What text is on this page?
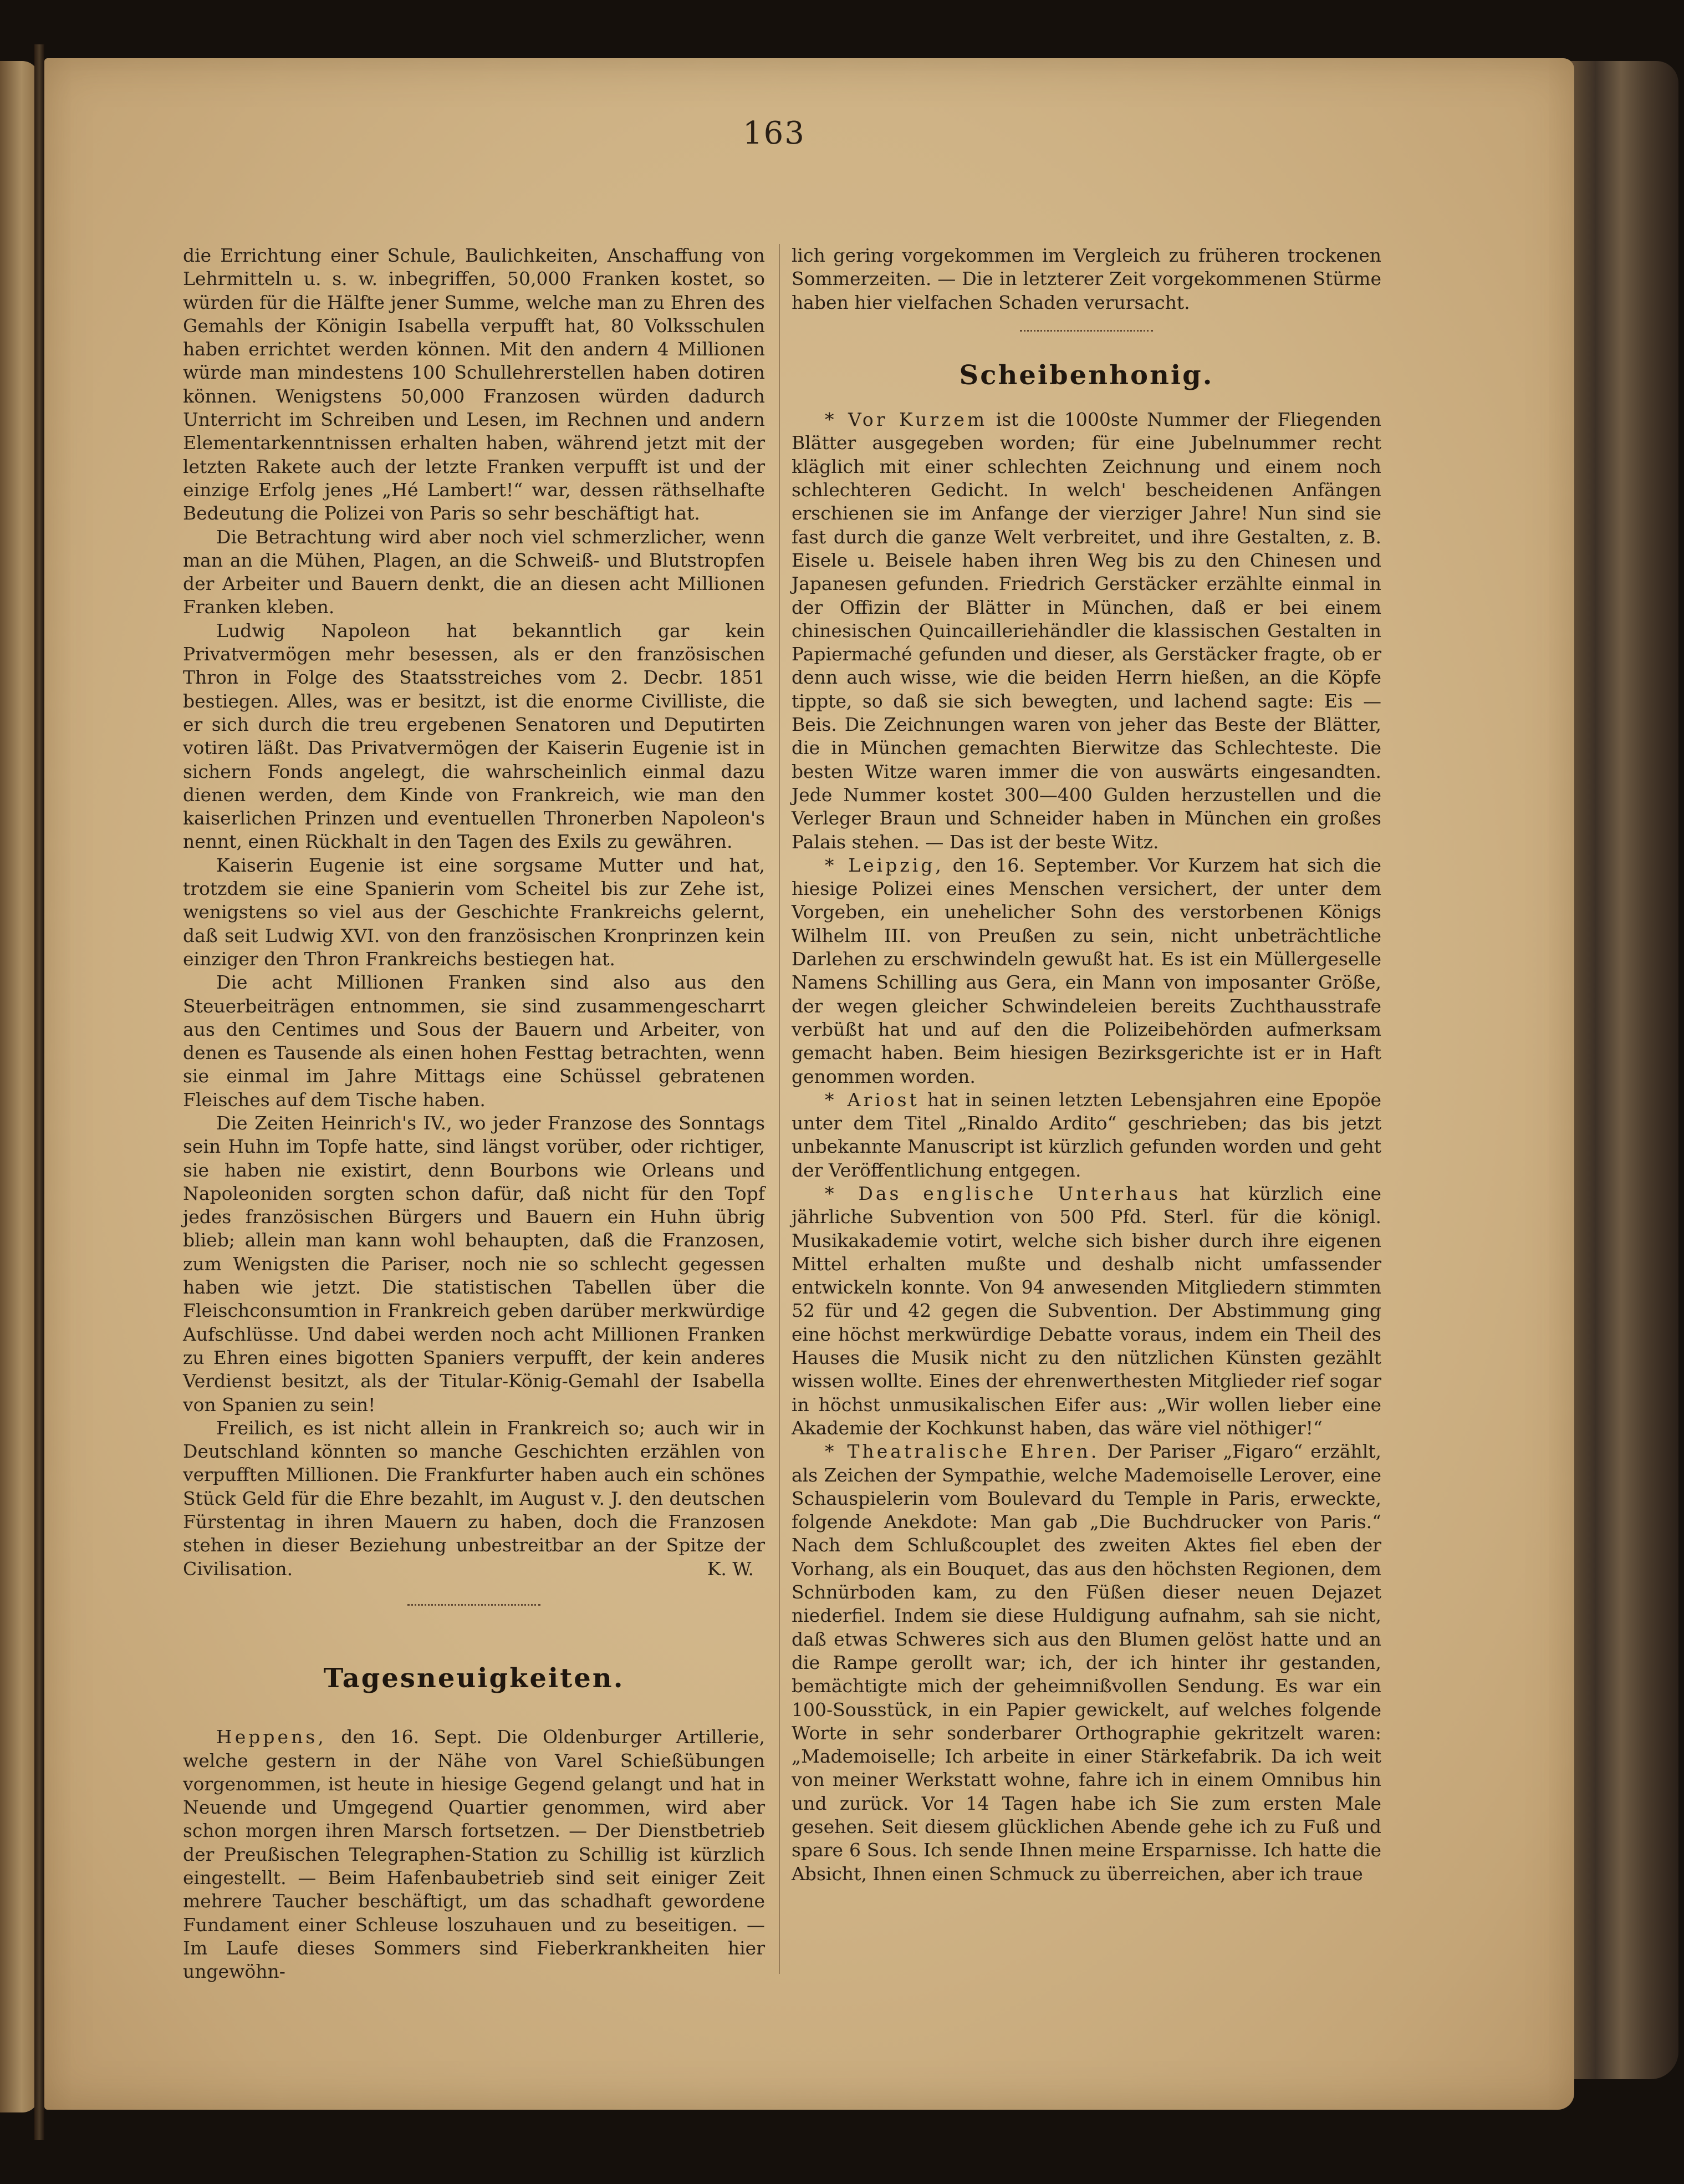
163

die Errichtung einer Schule, Baulichkeiten, Anschaffung von Lehrmitteln u. s. w. inbegriffen, 50,000 Franken kostet, so würden für die Hälfte jener Summe, welche man zu Ehren des Gemahls der Königin Isabella verpufft hat, 80 Volksschulen haben errichtet werden können. Mit den andern 4 Millionen würde man mindestens 100 Schullehrerstellen haben dotiren können. Wenigstens 50,000 Franzosen würden dadurch Unterricht im Schreiben und Lesen, im Rechnen und andern Elementarkenntnissen erhalten haben, während jetzt mit der letzten Rakete auch der letzte Franken verpufft ist und der einzige Erfolg jenes „Hé Lambert!“ war, dessen räthselhafte Bedeutung die Polizei von Paris so sehr beschäftigt hat.

Die Betrachtung wird aber noch viel schmerzlicher, wenn man an die Mühen, Plagen, an die Schweiß- und Blutstropfen der Arbeiter und Bauern denkt, die an diesen acht Millionen Franken kleben.

Ludwig Napoleon hat bekanntlich gar kein Privatvermögen mehr besessen, als er den französischen Thron in Folge des Staatsstreiches vom 2. Decbr. 1851 bestiegen. Alles, was er besitzt, ist die enorme Civilliste, die er sich durch die treu ergebenen Senatoren und Deputirten votiren läßt. Das Privatvermögen der Kaiserin Eugenie ist in sichern Fonds angelegt, die wahrscheinlich einmal dazu dienen werden, dem Kinde von Frankreich, wie man den kaiserlichen Prinzen und eventuellen Thronerben Napoleon's nennt, einen Rückhalt in den Tagen des Exils zu gewähren.

Kaiserin Eugenie ist eine sorgsame Mutter und hat, trotzdem sie eine Spanierin vom Scheitel bis zur Zehe ist, wenigstens so viel aus der Geschichte Frankreichs gelernt, daß seit Ludwig XVI. von den französischen Kronprinzen kein einziger den Thron Frankreichs bestiegen hat.

Die acht Millionen Franken sind also aus den Steuerbeiträgen entnommen, sie sind zusammengescharrt aus den Centimes und Sous der Bauern und Arbeiter, von denen es Tausende als einen hohen Festtag betrachten, wenn sie einmal im Jahre Mittags eine Schüssel gebratenen Fleisches auf dem Tische haben.

Die Zeiten Heinrich's IV., wo jeder Franzose des Sonntags sein Huhn im Topfe hatte, sind längst vorüber, oder richtiger, sie haben nie existirt, denn Bourbons wie Orleans und Napoleoniden sorgten schon dafür, daß nicht für den Topf jedes französischen Bürgers und Bauern ein Huhn übrig blieb; allein man kann wohl behaupten, daß die Franzosen, zum Wenigsten die Pariser, noch nie so schlecht gegessen haben wie jetzt. Die statistischen Tabellen über die Fleischconsumtion in Frankreich geben darüber merkwürdige Aufschlüsse. Und dabei werden noch acht Millionen Franken zu Ehren eines bigotten Spaniers verpufft, der kein anderes Verdienst besitzt, als der Titular-König-Gemahl der Isabella von Spanien zu sein!

Freilich, es ist nicht allein in Frankreich so; auch wir in Deutschland könnten so manche Geschichten erzählen von verpufften Millionen. Die Frankfurter haben auch ein schönes Stück Geld für die Ehre bezahlt, im August v. J. den deutschen Fürstentag in ihren Mauern zu haben, doch die Franzosen stehen in dieser Beziehung unbestreitbar an der Spitze der Civilisation.	K. W.

Tagesneuigkeiten.

Heppens, den 16. Sept. Die Oldenburger Artillerie, welche gestern in der Nähe von Varel Schießübungen vorgenommen, ist heute in hiesige Gegend gelangt und hat in Neuende und Umgegend Quartier genommen, wird aber schon morgen ihren Marsch fortsetzen. — Der Dienstbetrieb der Preußischen Telegraphen-Station zu Schillig ist kürzlich eingestellt. — Beim Hafenbaubetrieb sind seit einiger Zeit mehrere Taucher beschäftigt, um das schadhaft gewordene Fundament einer Schleuse loszuhauen und zu beseitigen. — Im Laufe dieses Sommers sind Fieberkrankheiten hier ungewöhn-

lich gering vorgekommen im Vergleich zu früheren trockenen Sommerzeiten. — Die in letzterer Zeit vorgekommenen Stürme haben hier vielfachen Schaden verursacht.

Scheibenhonig.

* Vor Kurzem ist die 1000ste Nummer der Fliegenden Blätter ausgegeben worden; für eine Jubelnummer recht kläglich mit einer schlechten Zeichnung und einem noch schlechteren Gedicht. In welch' bescheidenen Anfängen erschienen sie im Anfange der vierziger Jahre! Nun sind sie fast durch die ganze Welt verbreitet, und ihre Gestalten, z. B. Eisele u. Beisele haben ihren Weg bis zu den Chinesen und Japanesen gefunden. Friedrich Gerstäcker erzählte einmal in der Offizin der Blätter in München, daß er bei einem chinesischen Quincailleriehändler die klassischen Gestalten in Papiermaché gefunden und dieser, als Gerstäcker fragte, ob er denn auch wisse, wie die beiden Herrn hießen, an die Köpfe tippte, so daß sie sich bewegten, und lachend sagte: Eis — Beis. Die Zeichnungen waren von jeher das Beste der Blätter, die in München gemachten Bierwitze das Schlechteste. Die besten Witze waren immer die von auswärts eingesandten. Jede Nummer kostet 300—400 Gulden herzustellen und die Verleger Braun und Schneider haben in München ein großes Palais stehen. — Das ist der beste Witz.

* Leipzig, den 16. September. Vor Kurzem hat sich die hiesige Polizei eines Menschen versichert, der unter dem Vorgeben, ein unehelicher Sohn des verstorbenen Königs Wilhelm III. von Preußen zu sein, nicht unbeträchtliche Darlehen zu erschwindeln gewußt hat. Es ist ein Müllergeselle Namens Schilling aus Gera, ein Mann von imposanter Größe, der wegen gleicher Schwindeleien bereits Zuchthausstrafe verbüßt hat und auf den die Polizeibehörden aufmerksam gemacht haben. Beim hiesigen Bezirksgerichte ist er in Haft genommen worden.

* Ariost hat in seinen letzten Lebensjahren eine Epopöe unter dem Titel „Rinaldo Ardito“ geschrieben; das bis jetzt unbekannte Manuscript ist kürzlich gefunden worden und geht der Veröffentlichung entgegen.

* Das englische Unterhaus hat kürzlich eine jährliche Subvention von 500 Pfd. Sterl. für die königl. Musikakademie votirt, welche sich bisher durch ihre eigenen Mittel erhalten mußte und deshalb nicht umfassender entwickeln konnte. Von 94 anwesenden Mitgliedern stimmten 52 für und 42 gegen die Subvention. Der Abstimmung ging eine höchst merkwürdige Debatte voraus, indem ein Theil des Hauses die Musik nicht zu den nützlichen Künsten gezählt wissen wollte. Eines der ehrenwerthesten Mitglieder rief sogar in höchst unmusikalischen Eifer aus: „Wir wollen lieber eine Akademie der Kochkunst haben, das wäre viel nöthiger!“

* Theatralische Ehren. Der Pariser „Figaro“ erzählt, als Zeichen der Sympathie, welche Mademoiselle Lerover, eine Schauspielerin vom Boulevard du Temple in Paris, erweckte, folgende Anekdote: Man gab „Die Buchdrucker von Paris.“ Nach dem Schlußcouplet des zweiten Aktes fiel eben der Vorhang, als ein Bouquet, das aus den höchsten Regionen, dem Schnürboden kam, zu den Füßen dieser neuen Dejazet niederfiel. Indem sie diese Huldigung aufnahm, sah sie nicht, daß etwas Schweres sich aus den Blumen gelöst hatte und an die Rampe gerollt war; ich, der ich hinter ihr gestanden, bemächtigte mich der geheimnißvollen Sendung. Es war ein 100-Sousstück, in ein Papier gewickelt, auf welches folgende Worte in sehr sonderbarer Orthographie gekritzelt waren: „Mademoiselle; Ich arbeite in einer Stärkefabrik. Da ich weit von meiner Werkstatt wohne, fahre ich in einem Omnibus hin und zurück. Vor 14 Tagen habe ich Sie zum ersten Male gesehen. Seit diesem glücklichen Abende gehe ich zu Fuß und spare 6 Sous. Ich sende Ihnen meine Ersparnisse. Ich hatte die Absicht, Ihnen einen Schmuck zu überreichen, aber ich traue
